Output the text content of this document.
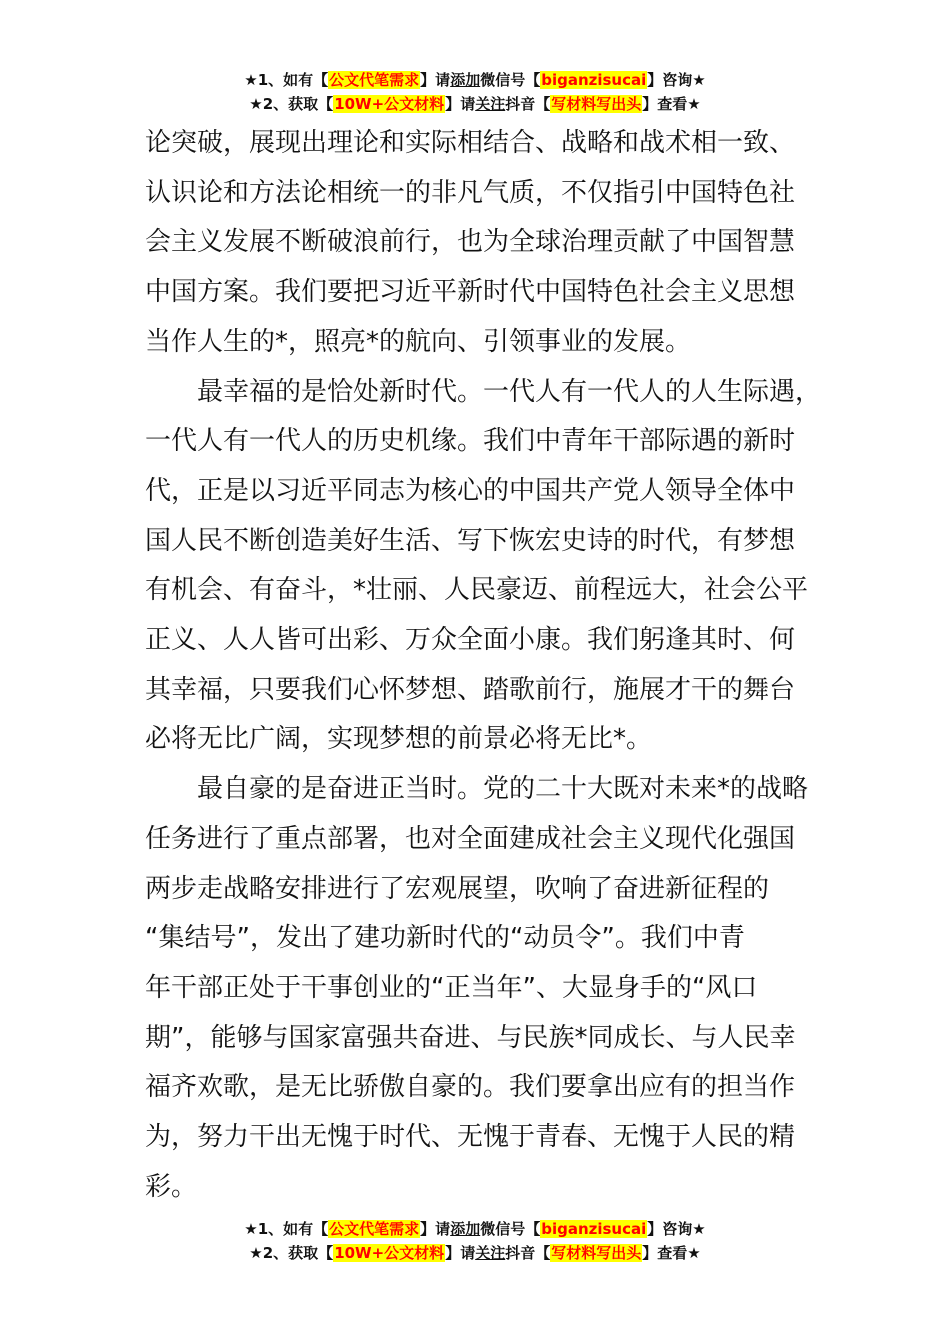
★1、如有【公文代笔需求】请添加微信号【biganzisucai】咨询★
★2、获取【10W+公文材料】请关注抖音【写材料写出头】查看★

论突破，展现出理论和实际相结合、战略和战术相一致、
认识论和方法论相统一的非凡气质，不仅指引中国特色社
会主义发展不断破浪前行，也为全球治理贡献了中国智慧
中国方案。我们要把习近平新时代中国特色社会主义思想
当作人生的*，照亮*的航向、引领事业的发展。

最幸福的是恰处新时代。一代人有一代人的人生际遇，
一代人有一代人的历史机缘。我们中青年干部际遇的新时
代，正是以习近平同志为核心的中国共产党人领导全体中
国人民不断创造美好生活、写下恢宏史诗的时代，有梦想
有机会、有奋斗，*壮丽、人民豪迈、前程远大，社会公平
正义、人人皆可出彩、万众全面小康。我们躬逢其时、何
其幸福，只要我们心怀梦想、踏歌前行，施展才干的舞台
必将无比广阔，实现梦想的前景必将无比*。

最自豪的是奋进正当时。党的二十大既对未来*的战略
任务进行了重点部署，也对全面建成社会主义现代化强国
两步走战略安排进行了宏观展望，吹响了奋进新征程的
“集结号”，发出了建功新时代的“动员令”。我们中青
年干部正处于干事创业的“正当年”、大显身手的“风口
期”，能够与国家富强共奋进、与民族*同成长、与人民幸
福齐欢歌，是无比骄傲自豪的。我们要拿出应有的担当作
为，努力干出无愧于时代、无愧于青春、无愧于人民的精
彩。

★1、如有【公文代笔需求】请添加微信号【biganzisucai】咨询★
★2、获取【10W+公文材料】请关注抖音【写材料写出头】查看★
